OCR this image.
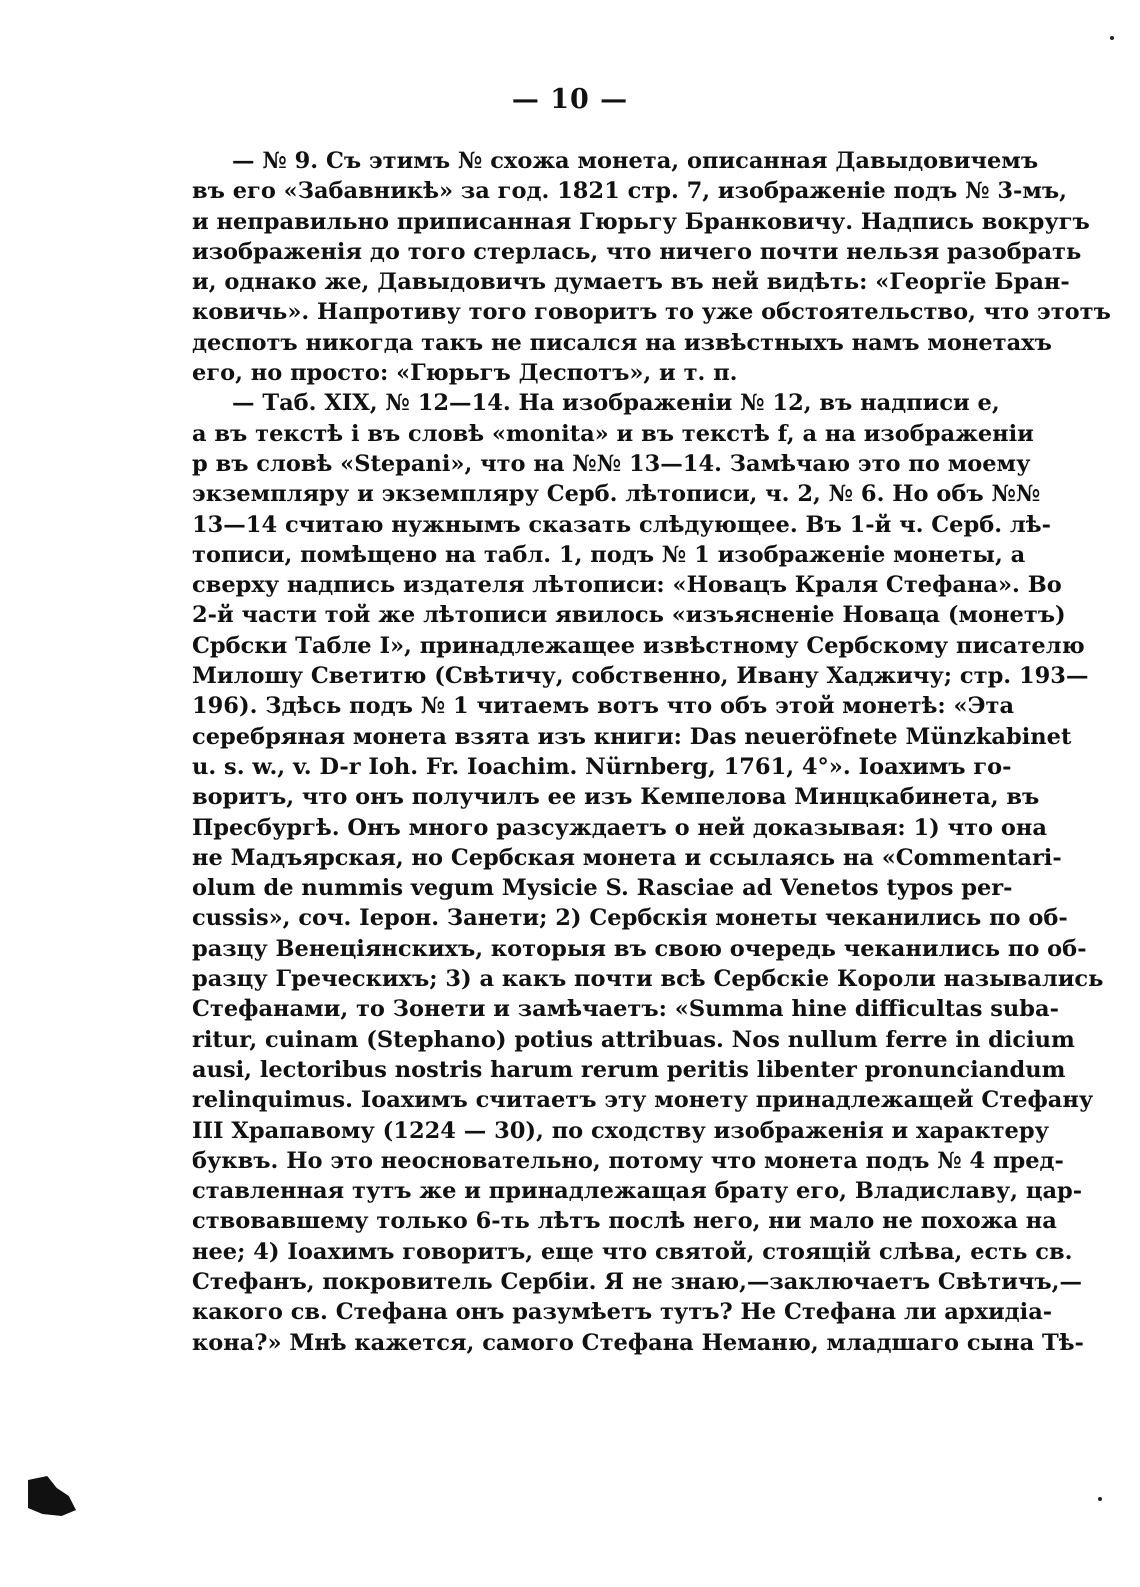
— 10 —
— № 9. Съ этимъ № схожа монета, описанная Давыдовичемъ
въ его «Забавникѣ» за год. 1821 стр. 7, изображеніе подъ № 3-мъ,
и неправильно приписанная Гюрьгу Бранковичу. Надпись вокругъ
изображенія до того стерлась, что ничего почти нельзя разобрать
и, однако же, Давыдовичъ думаетъ въ ней видѣть: «Георгїе Бран-
ковичь». Напротиву того говоритъ то уже обстоятельство, что этотъ
деспотъ никогда такъ не писался на извѣстныхъ намъ монетахъ
его, но просто: «Гюрьгъ Деспотъ», и т. п.
— Таб. XIX, № 12—14. На изображеніи № 12, въ надписи e,
а въ текстѣ i въ словѣ «monita» и въ текстѣ f, а на изображеніи
p въ словѣ «Stepani», что на №№ 13—14. Замѣчаю это по моему
экземпляру и экземпляру Серб. лѣтописи, ч. 2, № 6. Но объ №№
13—14 считаю нужнымъ сказать слѣдующее. Въ 1-й ч. Серб. лѣ-
тописи, помѣщено на табл. 1, подъ № 1 изображеніе монеты, а
сверху надпись издателя лѣтописи: «Новацъ Краля Стефана». Во
2-й части той же лѣтописи явилось «изъясненіе Новаца (монетъ)
Србски Табле I», принадлежащее извѣстному Сербскому писателю
Милошу Светитю (Свѣтичу, собственно, Ивану Хаджичу; стр. 193—
196). Здѣсь подъ № 1 читаемъ вотъ что объ этой монетѣ: «Эта
серебряная монета взята изъ книги: Das neueröfnete Münzkabinet
u. s. w., v. D-r Ioh. Fr. Ioachim. Nürnberg, 1761, 4°». Іоахимъ го-
воритъ, что онъ получилъ ее изъ Кемпелова Минцкабинета, въ
Пресбургѣ. Онъ много разсуждаетъ о ней доказывая: 1) что она
не Мадъярская, но Сербская монета и ссылаясь на «Commentari-
olum de nummis vegum Mysicie S. Rasciae ad Venetos typos per-
cussis», соч. Іерон. Занети; 2) Сербскія монеты чеканились по об-
разцу Венеціянскихъ, которыя въ свою очередь чеканились по об-
разцу Греческихъ; 3) а какъ почти всѣ Сербскіе Короли назывались
Стефанами, то Зонети и замѣчаетъ: «Summa hine difficultas suba-
ritur, cuinam (Stephano) potius attribuas. Nos nullum ferre in dicium
ausi, lectoribus nostris harum rerum peritis libenter pronunciandum
relinquimus. Іоахимъ считаетъ эту монету принадлежащей Стефану
III Храпавому (1224 — 30), по сходству изображенія и характеру
буквъ. Но это неосновательно, потому что монета подъ № 4 пред-
ставленная тутъ же и принадлежащая брату его, Владиславу, цар-
ствовавшему только 6-ть лѣтъ послѣ него, ни мало не похожа на
нее; 4) Іоахимъ говоритъ, еще что святой, стоящій слѣва, есть св.
Стефанъ, покровитель Сербіи. Я не знаю,—заключаетъ Свѣтичъ,—
какого св. Стефана онъ разумѣетъ тутъ? Не Стефана ли архидіа-
кона?» Мнѣ кажется, самого Стефана Неманю, младшаго сына Тѣ-
